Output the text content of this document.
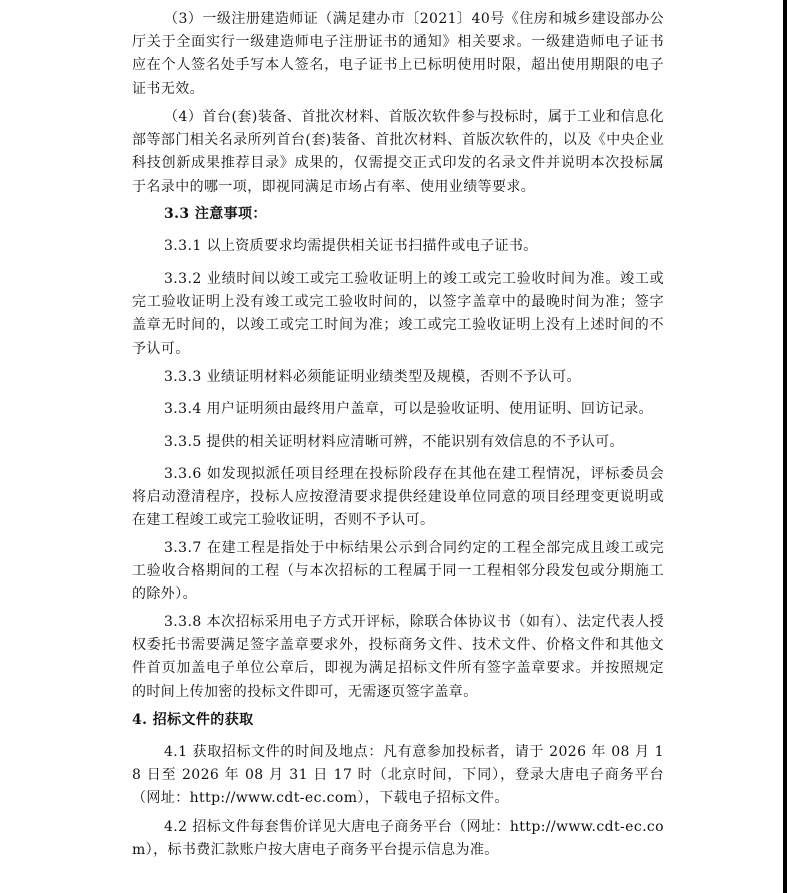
（3）一级注册建造师证（满足建办市〔2021〕40号《住房和城乡建设部办公厅关于全面实行一级建造师电子注册证书的通知》相关要求。一级建造师电子证书应在个人签名处手写本人签名，电子证书上已标明使用时限，超出使用期限的电子证书无效。

（4）首台(套)装备、首批次材料、首版次软件参与投标时，属于工业和信息化部等部门相关名录所列首台(套)装备、首批次材料、首版次软件的，以及《中央企业科技创新成果推荐目录》成果的，仅需提交正式印发的名录文件并说明本次投标属于名录中的哪一项，即视同满足市场占有率、使用业绩等要求。

3.3 注意事项：

3.3.1 以上资质要求均需提供相关证书扫描件或电子证书。

3.3.2 业绩时间以竣工或完工验收证明上的竣工或完工验收时间为准。竣工或完工验收证明上没有竣工或完工验收时间的，以签字盖章中的最晚时间为准；签字盖章无时间的，以竣工或完工时间为准；竣工或完工验收证明上没有上述时间的不予认可。

3.3.3 业绩证明材料必须能证明业绩类型及规模，否则不予认可。

3.3.4 用户证明须由最终用户盖章，可以是验收证明、使用证明、回访记录。

3.3.5 提供的相关证明材料应清晰可辨，不能识别有效信息的不予认可。

3.3.6 如发现拟派任项目经理在投标阶段存在其他在建工程情况，评标委员会将启动澄清程序，投标人应按澄清要求提供经建设单位同意的项目经理变更说明或在建工程竣工或完工验收证明，否则不予认可。

3.3.7 在建工程是指处于中标结果公示到合同约定的工程全部完成且竣工或完工验收合格期间的工程（与本次招标的工程属于同一工程相邻分段发包或分期施工的除外）。

3.3.8 本次招标采用电子方式开评标，除联合体协议书（如有）、法定代表人授权委托书需要满足签字盖章要求外，投标商务文件、技术文件、价格文件和其他文件首页加盖电子单位公章后，即视为满足招标文件所有签字盖章要求。并按照规定的时间上传加密的投标文件即可，无需逐页签字盖章。

4. 招标文件的获取

4.1 获取招标文件的时间及地点：凡有意参加投标者，请于 2026 年 08 月 18 日至 2026 年 08 月 31 日 17 时（北京时间，下同），登录大唐电子商务平台（网址：http://www.cdt-ec.com），下载电子招标文件。

4.2 招标文件每套售价详见大唐电子商务平台（网址：http://www.cdt-ec.com），标书费汇款账户按大唐电子商务平台提示信息为准。
